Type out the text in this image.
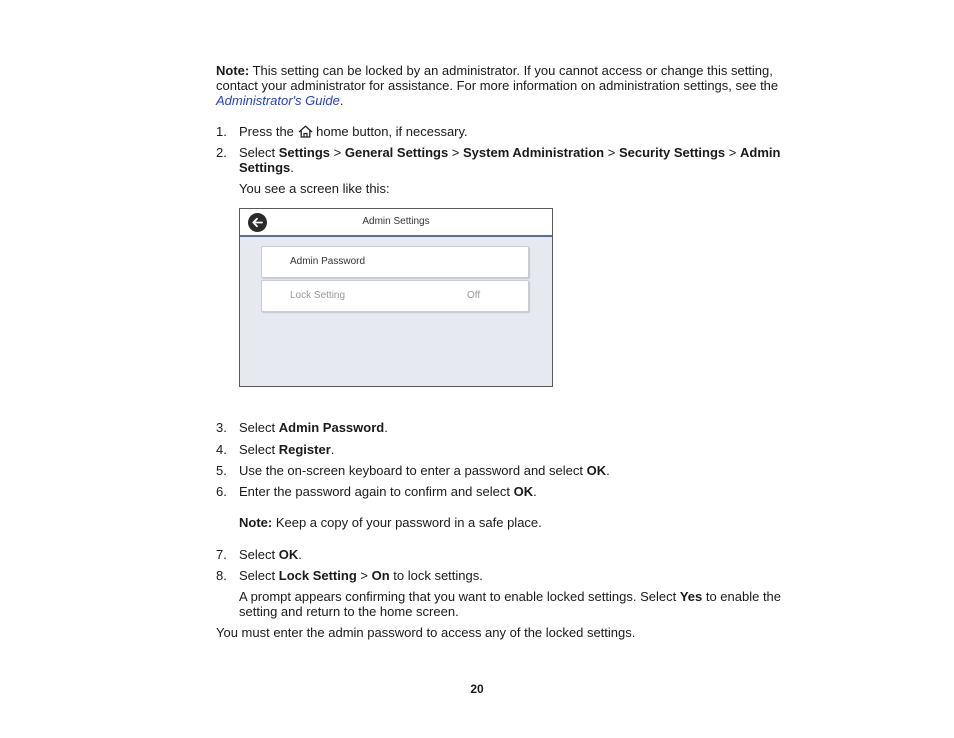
Note: This setting can be locked by an administrator. If you cannot access or change this setting, contact your administrator for assistance. For more information on administration settings, see the Administrator's Guide.
1. Press the  home button, if necessary.
2. Select Settings > General Settings > System Administration > Security Settings > Admin Settings.
You see a screen like this:
Admin Settings
Admin Password
Lock Setting	Off
3. Select Admin Password.
4. Select Register.
5. Use the on-screen keyboard to enter a password and select OK.
6. Enter the password again to confirm and select OK.
Note: Keep a copy of your password in a safe place.
7. Select OK.
8. Select Lock Setting > On to lock settings.
A prompt appears confirming that you want to enable locked settings. Select Yes to enable the setting and return to the home screen.
You must enter the admin password to access any of the locked settings.
20
